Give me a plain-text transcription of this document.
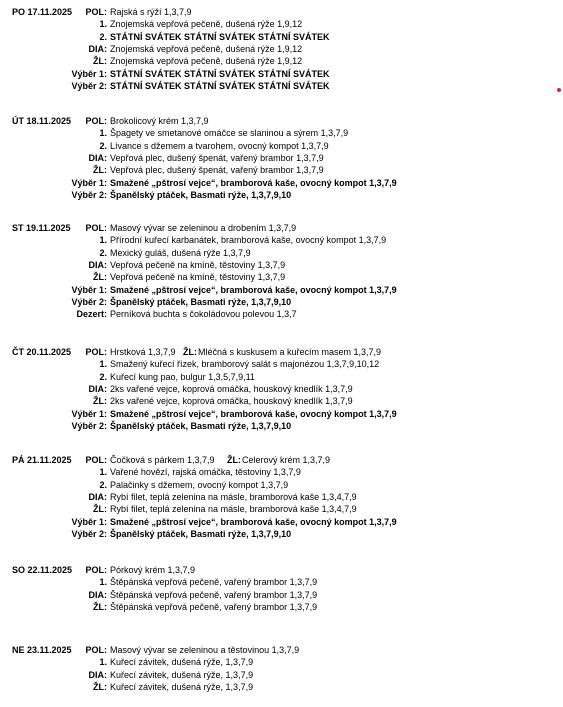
PO 17.11.2025	POL: Rajská s rýží 1,3,7,9
1. Znojemská vepřová pečeně, dušená rýže 1,9,12
2. STÁTNÍ SVÁTEK STÁTNÍ SVÁTEK STÁTNÍ SVÁTEK
DIA: Znojemská vepřová pečeně, dušená rýže 1,9,12
ŽL: Znojemská vepřová pečeně, dušená rýže 1,9,12
Výběr 1: STÁTNÍ SVÁTEK STÁTNÍ SVÁTEK STÁTNÍ SVÁTEK
Výběr 2: STÁTNÍ SVÁTEK STÁTNÍ SVÁTEK STÁTNÍ SVÁTEK
ÚT 18.11.2025	POL: Brokolicový krém 1,3,7,9
1. Špagety ve smetanové omáčce se slaninou a sýrem 1,3,7,9
2. Lívance s džemem a tvarohem, ovocný kompot 1,3,7,9
DIA: Vepřová plec, dušený špenát, vařený brambor 1,3,7,9
ŽL: Vepřová plec, dušený špenát, vařený brambor 1,3,7,9
Výběr 1: Smažené „pštrosí vejce“, bramborová kaše, ovocný kompot 1,3,7,9
Výběr 2: Španělský ptáček, Basmati rýže, 1,3,7,9,10
ST 19.11.2025	POL: Masový vývar se zeleninou a drobením 1,3,7,9
1. Přírodní kuřecí karbanátek, bramborová kaše, ovocný kompot 1,3,7,9
2. Mexický guláš, dušená rýže 1,3,7,9
DIA: Vepřová pečeně na kmíně, těstoviny 1,3,7,9
ŽL: Vepřová pečeně na kmíně, těstoviny 1,3,7,9
Výběr 1: Smažené „pštrosí vejce“, bramborová kaše, ovocný kompot 1,3,7,9
Výběr 2: Španělský ptáček, Basmati rýže, 1,3,7,9,10
Dezert: Perníková buchta s čokoládovou polevou 1,3,7
ČT 20.11.2025	POL: Hrstková 1,3,7,9 ŽL: Mléčná s kuskusem a kuřecím masem 1,3,7,9
1. Smažený kuřecí řízek, bramborový salát s majonézou 1,3,7,9,10,12
2. Kuřecí kung pao, bulgur 1,3,5,7,9,11
DIA: 2ks vařené vejce, koprová omáčka, houskový knedlík 1,3,7,9
ŽL: 2ks vařené vejce, koprová omáčka, houskový knedlík 1,3,7,9
Výběr 1: Smažené „pštrosí vejce“, bramborová kaše, ovocný kompot 1,3,7,9
Výběr 2: Španělský ptáček, Basmati rýže, 1,3,7,9,10
PÁ 21.11.2025	POL: Čočková s párkem 1,3,7,9 ŽL: Celerový krém 1,3,7,9
1. Vařené hovězí, rajská omáčka, těstoviny 1,3,7,9
2. Palačinky s džemem, ovocný kompot 1,3,7,9
DIA: Rybí filet, teplá zelenina na másle, bramborová kaše 1,3,4,7,9
ŽL: Rybí filet, teplá zelenina na másle, bramborová kaše 1,3,4,7,9
Výběr 1: Smažené „pštrosí vejce“, bramborová kaše, ovocný kompot 1,3,7,9
Výběr 2: Španělský ptáček, Basmati rýže, 1,3,7,9,10
SO 22.11.2025	POL: Pórkový krém 1,3,7,9
1. Štěpánská vepřová pečeně, vařený brambor 1,3,7,9
DIA: Štěpánská vepřová pečeně, vařený brambor 1,3,7,9
ŽL: Štěpánská vepřová pečeně, vařený brambor 1,3,7,9
NE 23.11.2025	POL: Masový vývar se zeleninou a těstovinou 1,3,7,9
1. Kuřecí závitek, dušená rýže, 1,3,7,9
DIA: Kuřecí závitek, dušená rýže, 1,3,7,9
ŽL: Kuřecí závitek, dušená rýže, 1,3,7,9
